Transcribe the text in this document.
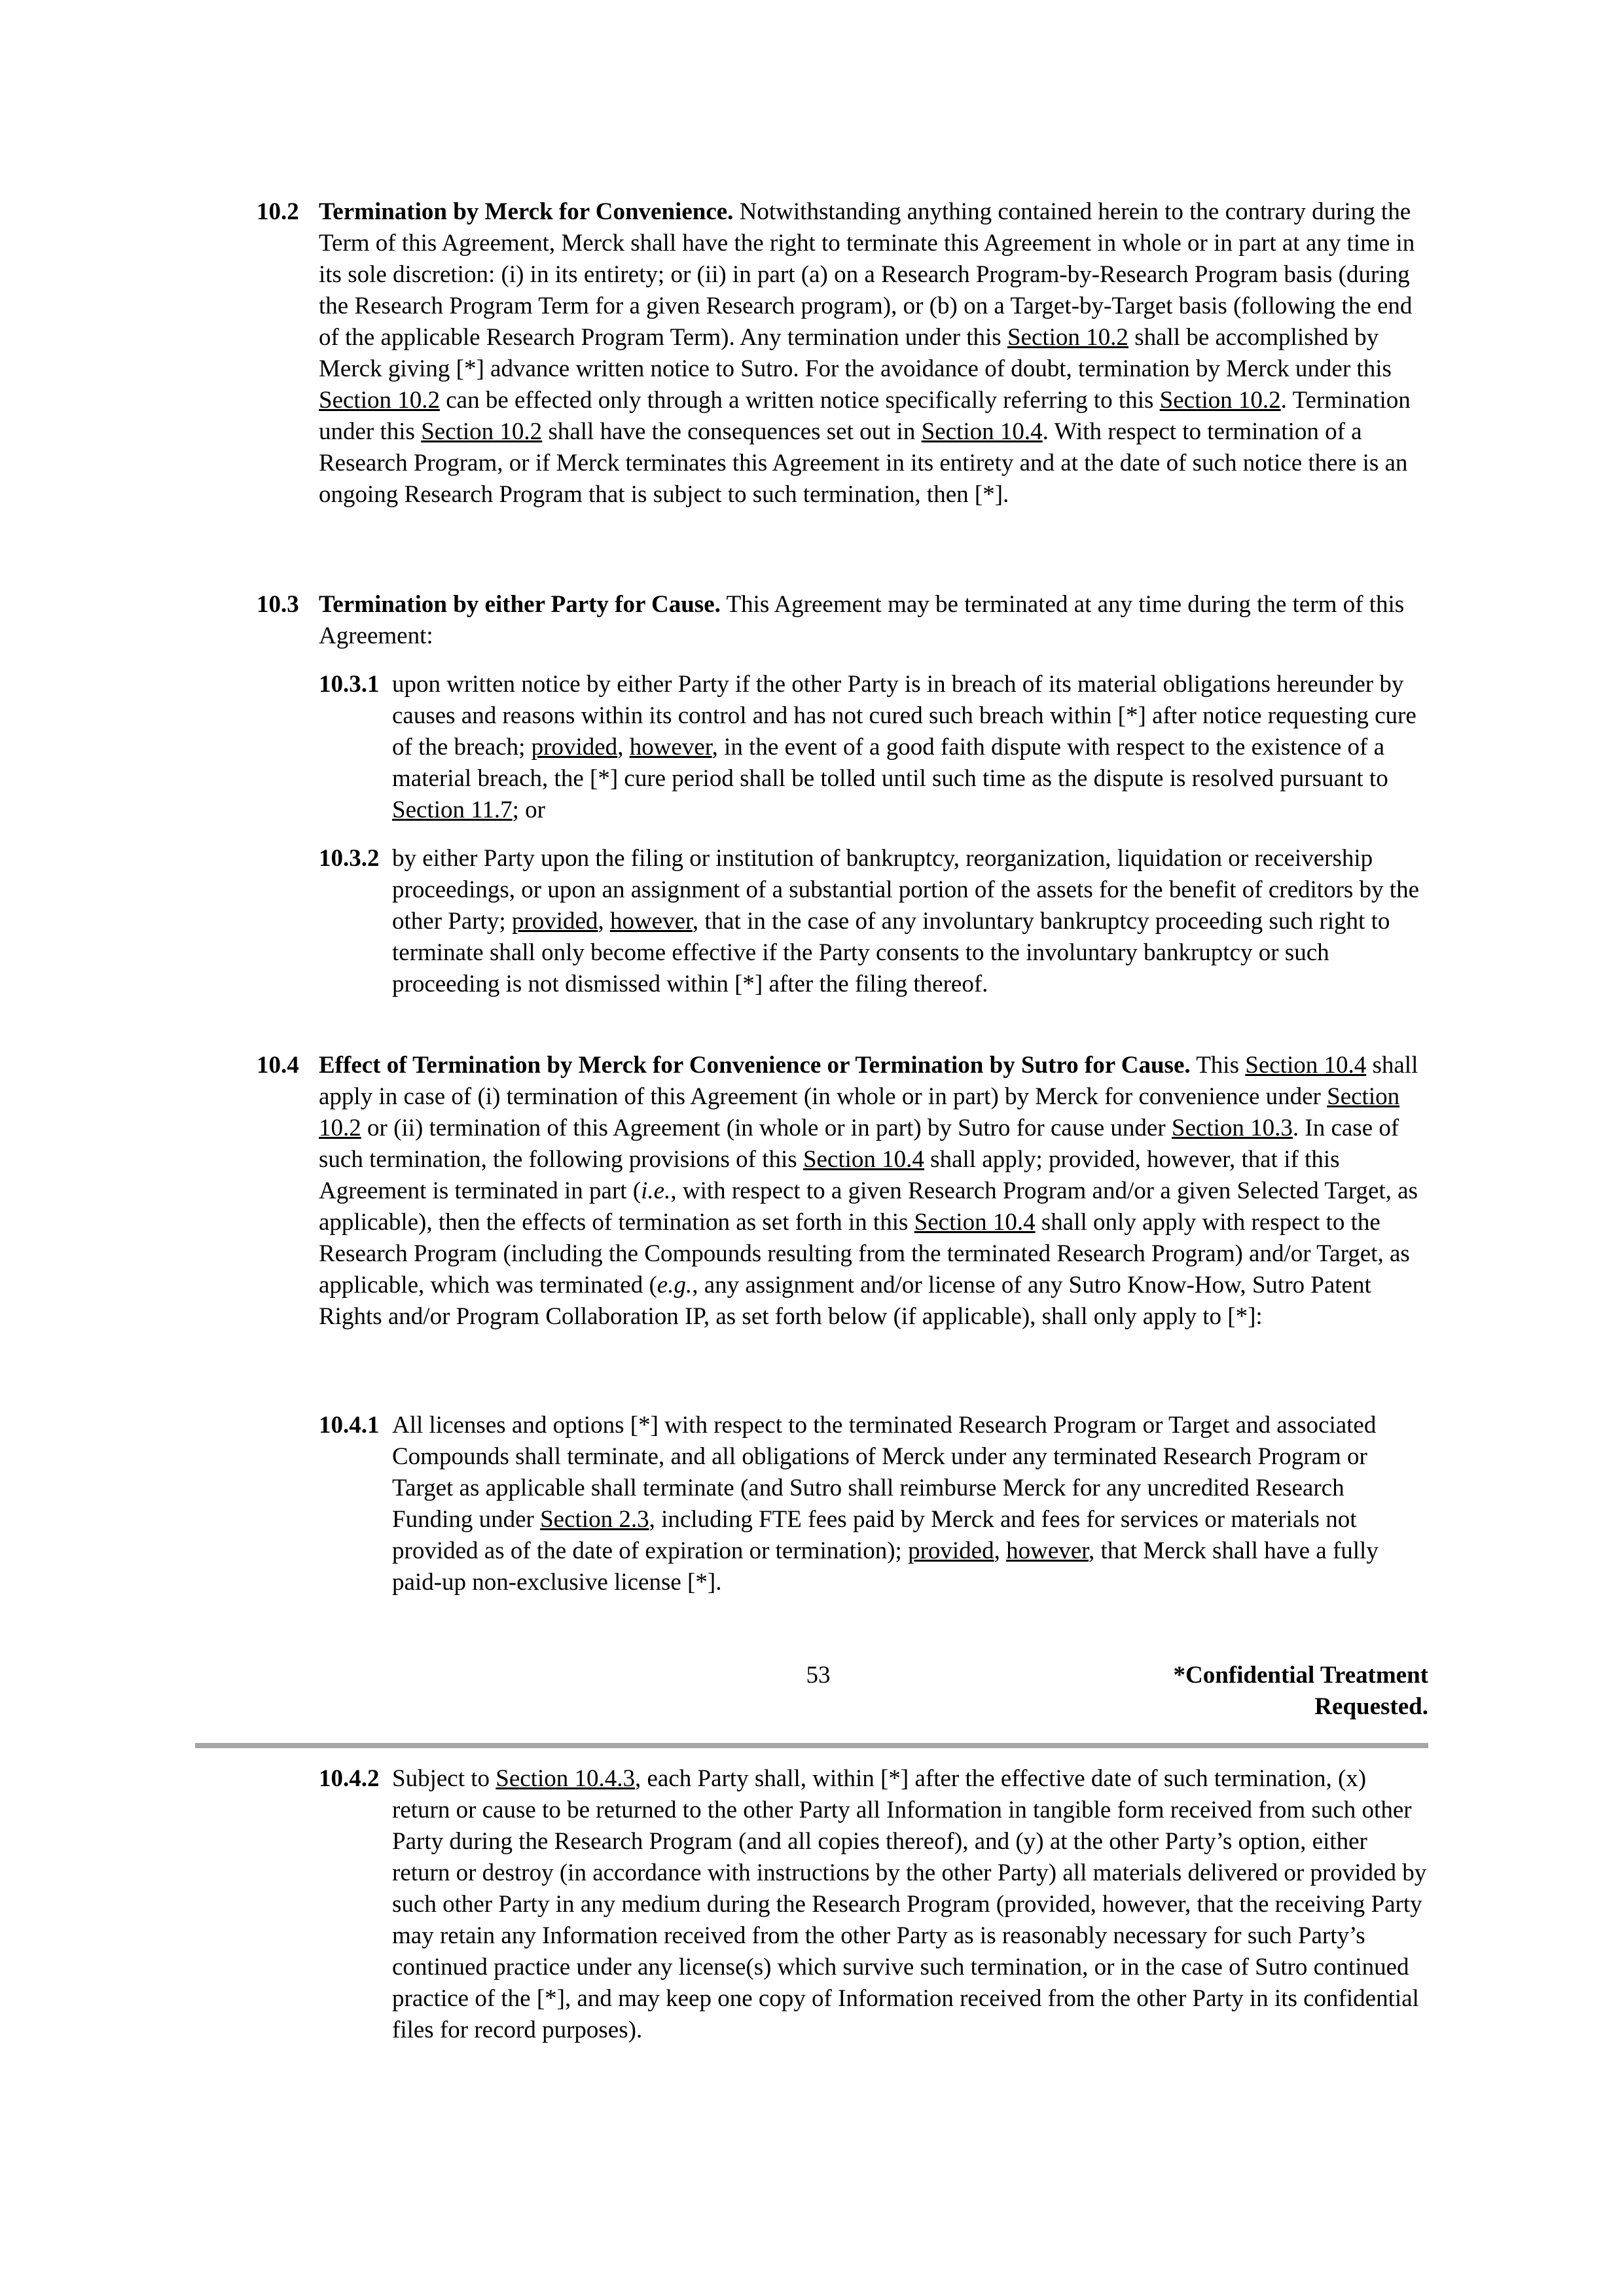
10.2 Termination by Merck for Convenience. Notwithstanding anything contained herein to the contrary during the Term of this Agreement, Merck shall have the right to terminate this Agreement in whole or in part at any time in its sole discretion: (i) in its entirety; or (ii) in part (a) on a Research Program-by-Research Program basis (during the Research Program Term for a given Research program), or (b) on a Target-by-Target basis (following the end of the applicable Research Program Term). Any termination under this Section 10.2 shall be accomplished by Merck giving [*] advance written notice to Sutro. For the avoidance of doubt, termination by Merck under this Section 10.2 can be effected only through a written notice specifically referring to this Section 10.2. Termination under this Section 10.2 shall have the consequences set out in Section 10.4. With respect to termination of a Research Program, or if Merck terminates this Agreement in its entirety and at the date of such notice there is an ongoing Research Program that is subject to such termination, then [*].
10.3 Termination by either Party for Cause. This Agreement may be terminated at any time during the term of this Agreement:
10.3.1 upon written notice by either Party if the other Party is in breach of its material obligations hereunder by causes and reasons within its control and has not cured such breach within [*] after notice requesting cure of the breach; provided, however, in the event of a good faith dispute with respect to the existence of a material breach, the [*] cure period shall be tolled until such time as the dispute is resolved pursuant to Section 11.7; or
10.3.2 by either Party upon the filing or institution of bankruptcy, reorganization, liquidation or receivership proceedings, or upon an assignment of a substantial portion of the assets for the benefit of creditors by the other Party; provided, however, that in the case of any involuntary bankruptcy proceeding such right to terminate shall only become effective if the Party consents to the involuntary bankruptcy or such proceeding is not dismissed within [*] after the filing thereof.
10.4 Effect of Termination by Merck for Convenience or Termination by Sutro for Cause. This Section 10.4 shall apply in case of (i) termination of this Agreement (in whole or in part) by Merck for convenience under Section 10.2 or (ii) termination of this Agreement (in whole or in part) by Sutro for cause under Section 10.3. In case of such termination, the following provisions of this Section 10.4 shall apply; provided, however, that if this Agreement is terminated in part (i.e., with respect to a given Research Program and/or a given Selected Target, as applicable), then the effects of termination as set forth in this Section 10.4 shall only apply with respect to the Research Program (including the Compounds resulting from the terminated Research Program) and/or Target, as applicable, which was terminated (e.g., any assignment and/or license of any Sutro Know-How, Sutro Patent Rights and/or Program Collaboration IP, as set forth below (if applicable), shall only apply to [*]:
10.4.1 All licenses and options [*] with respect to the terminated Research Program or Target and associated Compounds shall terminate, and all obligations of Merck under any terminated Research Program or Target as applicable shall terminate (and Sutro shall reimburse Merck for any uncredited Research Funding under Section 2.3, including FTE fees paid by Merck and fees for services or materials not provided as of the date of expiration or termination); provided, however, that Merck shall have a fully paid-up non-exclusive license [*].
53	*Confidential Treatment
Requested.
10.4.2 Subject to Section 10.4.3, each Party shall, within [*] after the effective date of such termination, (x) return or cause to be returned to the other Party all Information in tangible form received from such other Party during the Research Program (and all copies thereof), and (y) at the other Party’s option, either return or destroy (in accordance with instructions by the other Party) all materials delivered or provided by such other Party in any medium during the Research Program (provided, however, that the receiving Party may retain any Information received from the other Party as is reasonably necessary for such Party’s continued practice under any license(s) which survive such termination, or in the case of Sutro continued practice of the [*], and may keep one copy of Information received from the other Party in its confidential files for record purposes).
